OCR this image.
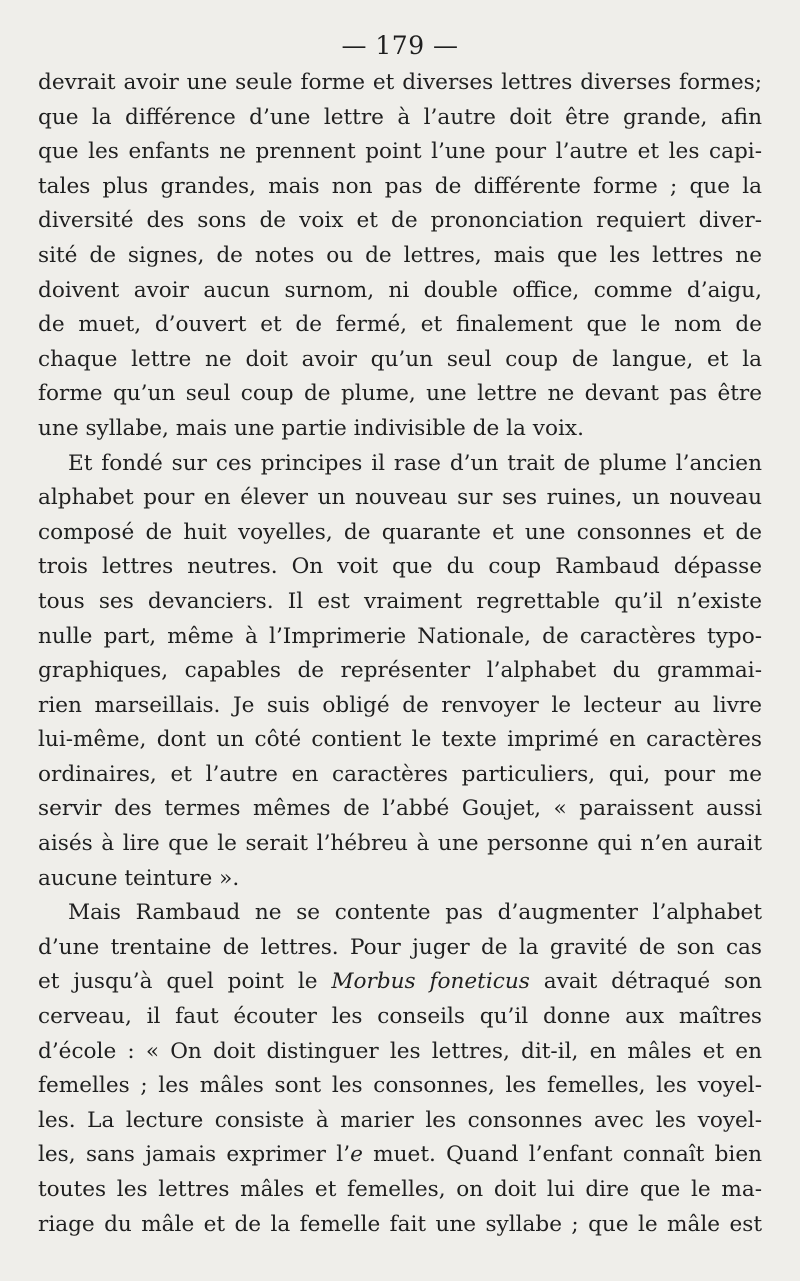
— 179 —
devrait avoir une seule forme et diverses lettres diverses formes;
que la différence d’une lettre à l’autre doit être grande, afin
que les enfants ne prennent point l’une pour l’autre et les capi-
tales plus grandes, mais non pas de différente forme ; que la
diversité des sons de voix et de prononciation requiert diver-
sité de signes, de notes ou de lettres, mais que les lettres ne
doivent avoir aucun surnom, ni double office, comme d’aigu,
de muet, d’ouvert et de fermé, et finalement que le nom de
chaque lettre ne doit avoir qu’un seul coup de langue, et la
forme qu’un seul coup de plume, une lettre ne devant pas être
une syllabe, mais une partie indivisible de la voix.
Et fondé sur ces principes il rase d’un trait de plume l’ancien
alphabet pour en élever un nouveau sur ses ruines, un nouveau
composé de huit voyelles, de quarante et une consonnes et de
trois lettres neutres. On voit que du coup Rambaud dépasse
tous ses devanciers. Il est vraiment regrettable qu’il n’existe
nulle part, même à l’Imprimerie Nationale, de caractères typo-
graphiques, capables de représenter l’alphabet du grammai-
rien marseillais. Je suis obligé de renvoyer le lecteur au livre
lui-même, dont un côté contient le texte imprimé en caractères
ordinaires, et l’autre en caractères particuliers, qui, pour me
servir des termes mêmes de l’abbé Goujet, « paraissent aussi
aisés à lire que le serait l’hébreu à une personne qui n’en aurait
aucune teinture ».
Mais Rambaud ne se contente pas d’augmenter l’alphabet
d’une trentaine de lettres. Pour juger de la gravité de son cas
et jusqu’à quel point le Morbus foneticus avait détraqué son
cerveau, il faut écouter les conseils qu’il donne aux maîtres
d’école : « On doit distinguer les lettres, dit-il, en mâles et en
femelles ; les mâles sont les consonnes, les femelles, les voyel-
les. La lecture consiste à marier les consonnes avec les voyel-
les, sans jamais exprimer l’e muet. Quand l’enfant connaît bien
toutes les lettres mâles et femelles, on doit lui dire que le ma-
riage du mâle et de la femelle fait une syllabe ; que le mâle est
